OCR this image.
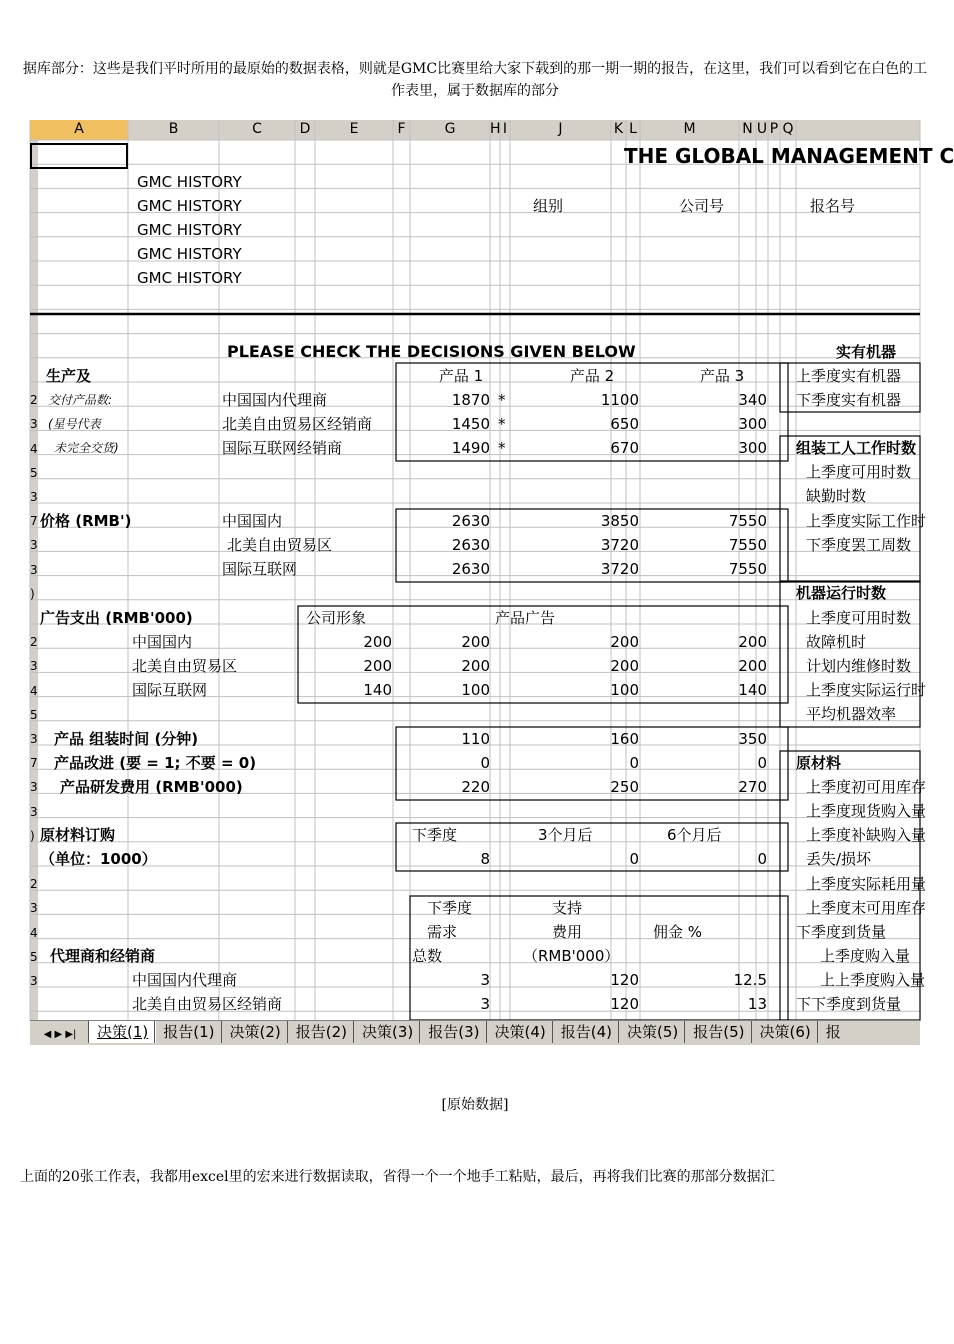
据库部分：这些是我们平时所用的最原始的数据表格，则就是GMC比赛里给大家下载到的那一期一期的报告，在这里，我们可以看到它在白色的工作表里，属于数据库的部分
A	B	C	D	E	F	G	H I	J	K L	M	N U P Q
THE GLOBAL MANAGEMENT C
GMC HISTORY
GMC HISTORY
GMC HISTORY
GMC HISTORY
GMC HISTORY
组别	公司号	报名号
PLEASE CHECK THE DECISIONS GIVEN BELOW
生产及	产品 1	产品 2	产品 3
交付产品数:
(星号代表
未完全交货)
中国国内代理商	1870 *	1100	340
北美自由贸易区经销商	1450 *	650	300
国际互联网经销商	1490 *	670	300
价格 (RMB')	中国国内	2630	3850	7550
北美自由贸易区	2630	3720	7550
国际互联网	2630	3720	7550
广告支出 (RMB'000)	公司形象	产品广告
中国国内	200	200	200	200
北美自由贸易区	200	200	200	200
国际互联网	140	100	100	140
产品 组装时间 (分钟)	110	160	350
产品改进 (要 = 1; 不要 = 0)	0	0	0
产品研发费用 (RMB'000)	220	250	270
原材料订购	下季度	3个月后	6个月后
（单位：1000）	8	0	0
下季度	支持
需求	费用	佣金 %
代理商和经销商	总数	（RMB'000）
中国国内代理商	3	120	12.5
北美自由贸易区经销商	3	120	13
实有机器
上季度实有机器
下季度实有机器
组装工人工作时数
上季度可用时数
缺勤时数
上季度实际工作时
下季度罢工周数
机器运行时数
上季度可用时数
故障机时
计划内维修时数
上季度实际运行时
平均机器效率
原材料
上季度初可用库存
上季度现货购入量
上季度补缺购入量
丢失/损坏
上季度实际耗用量
上季度末可用库存
下季度到货量
上季度购入量
上上季度购入量
下下季度到货量
2
3
4
5
3
7
3
3
)
2
3
4
5
3
7
3
3
)
2
3
4
5
3
◀ ▶ ▶| 决策(1) 报告(1) 决策(2) 报告(2) 决策(3) 报告(3) 决策(4) 报告(4) 决策(5) 报告(5) 决策(6) 报
[原始数据]
上面的20张工作表，我都用excel里的宏来进行数据读取，省得一个一个地手工粘贴，最后，再将我们比赛的那部分数据汇
